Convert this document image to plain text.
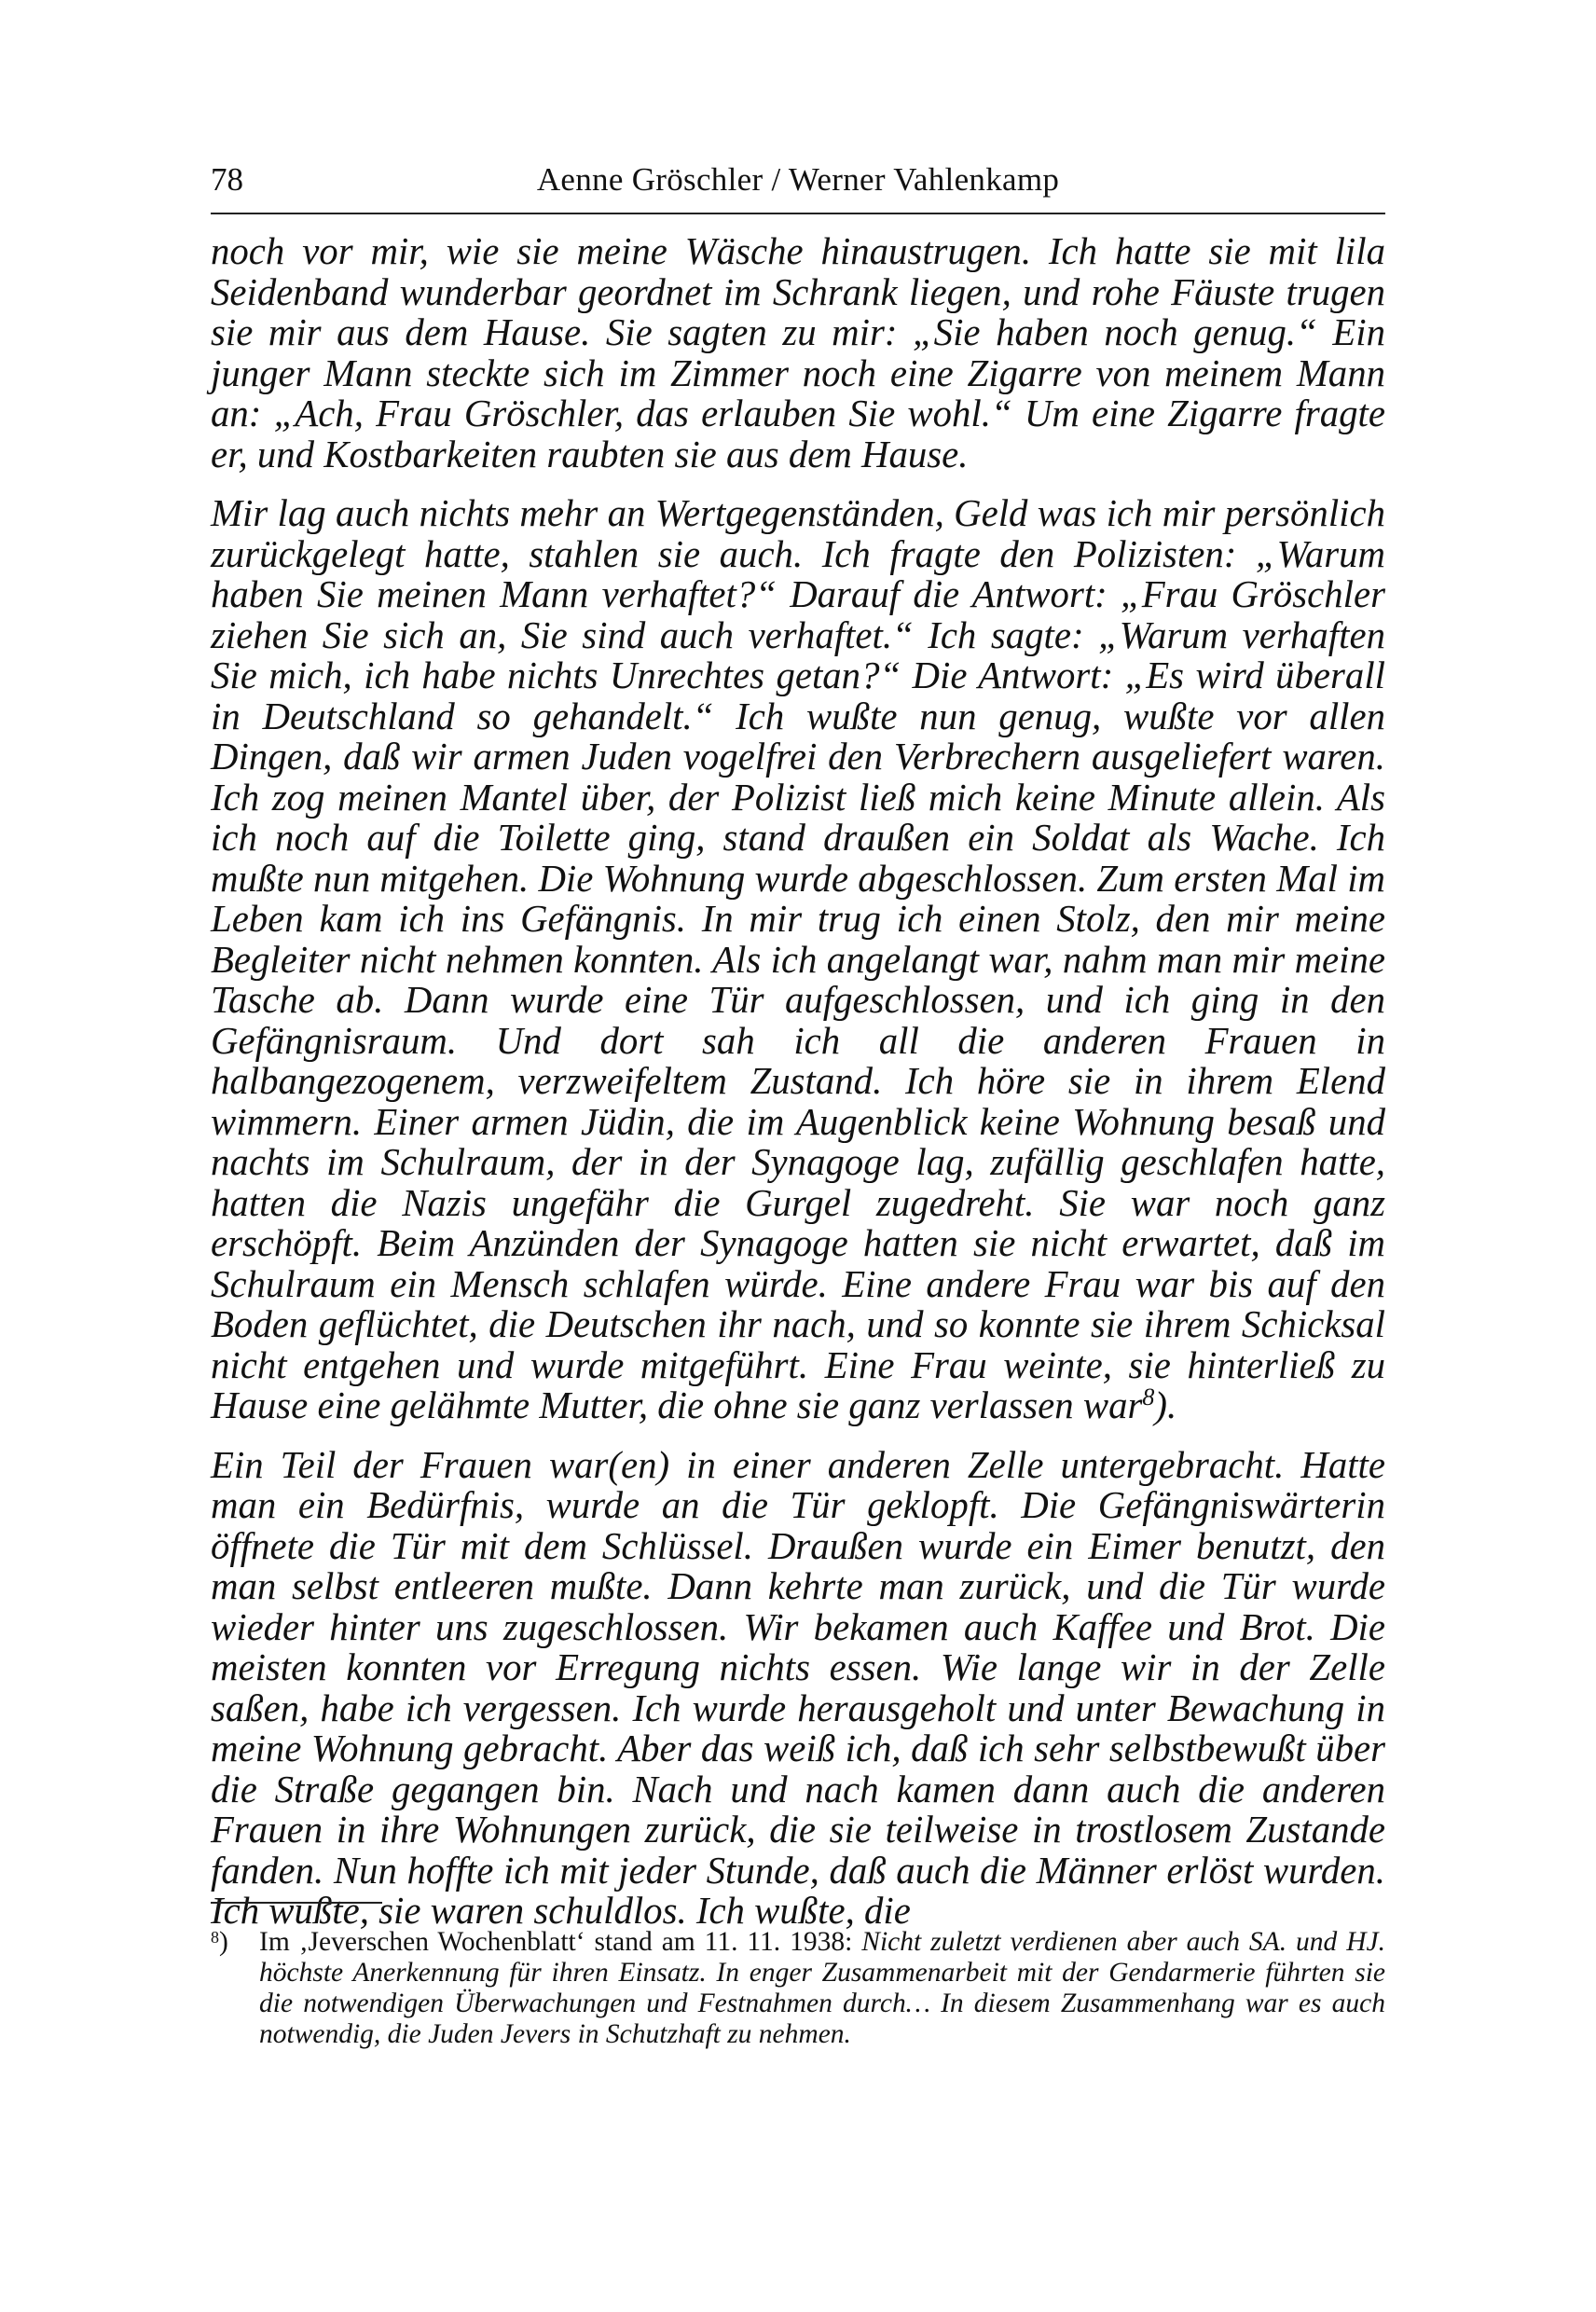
78	Aenne Gröschler / Werner Vahlenkamp

noch vor mir, wie sie meine Wäsche hinaustrugen. Ich hatte sie mit lila Seidenband wunderbar geordnet im Schrank liegen, und rohe Fäuste trugen sie mir aus dem Hause. Sie sagten zu mir: „Sie haben noch genug.“ Ein junger Mann steckte sich im Zimmer noch eine Zigarre von meinem Mann an: „Ach, Frau Gröschler, das erlauben Sie wohl.“ Um eine Zigarre fragte er, und Kostbarkeiten raubten sie aus dem Hause.

Mir lag auch nichts mehr an Wertgegenständen, Geld was ich mir persönlich zurückgelegt hatte, stahlen sie auch. Ich fragte den Polizisten: „Warum haben Sie meinen Mann verhaftet?“ Darauf die Antwort: „Frau Gröschler ziehen Sie sich an, Sie sind auch verhaftet.“ Ich sagte: „Warum verhaften Sie mich, ich habe nichts Unrechtes getan?“ Die Antwort: „Es wird überall in Deutschland so gehandelt.“ Ich wußte nun genug, wußte vor allen Dingen, daß wir armen Juden vogelfrei den Verbrechern ausgeliefert waren. Ich zog meinen Mantel über, der Polizist ließ mich keine Minute allein. Als ich noch auf die Toilette ging, stand draußen ein Soldat als Wache. Ich mußte nun mitgehen. Die Wohnung wurde abgeschlossen. Zum ersten Mal im Leben kam ich ins Gefängnis. In mir trug ich einen Stolz, den mir meine Begleiter nicht nehmen konnten. Als ich angelangt war, nahm man mir meine Tasche ab. Dann wurde eine Tür aufgeschlossen, und ich ging in den Gefängnisraum. Und dort sah ich all die anderen Frauen in halbangezogenem, verzweifeltem Zustand. Ich höre sie in ihrem Elend wimmern. Einer armen Jüdin, die im Augenblick keine Wohnung besaß und nachts im Schulraum, der in der Synagoge lag, zufällig geschlafen hatte, hatten die Nazis ungefähr die Gurgel zugedreht. Sie war noch ganz erschöpft. Beim Anzünden der Synagoge hatten sie nicht erwartet, daß im Schulraum ein Mensch schlafen würde. Eine andere Frau war bis auf den Boden geflüchtet, die Deutschen ihr nach, und so konnte sie ihrem Schicksal nicht entgehen und wurde mitgeführt. Eine Frau weinte, sie hinterließ zu Hause eine gelähmte Mutter, die ohne sie ganz verlassen war$^8$).

Ein Teil der Frauen war(en) in einer anderen Zelle untergebracht. Hatte man ein Bedürfnis, wurde an die Tür geklopft. Die Gefängniswärterin öffnete die Tür mit dem Schlüssel. Draußen wurde ein Eimer benutzt, den man selbst entleeren mußte. Dann kehrte man zurück, und die Tür wurde wieder hinter uns zugeschlossen. Wir bekamen auch Kaffee und Brot. Die meisten konnten vor Erregung nichts essen. Wie lange wir in der Zelle saßen, habe ich vergessen. Ich wurde herausgeholt und unter Bewachung in meine Wohnung gebracht. Aber das weiß ich, daß ich sehr selbstbewußt über die Straße gegangen bin. Nach und nach kamen dann auch die anderen Frauen in ihre Wohnungen zurück, die sie teilweise in trostlosem Zustande fanden. Nun hoffte ich mit jeder Stunde, daß auch die Männer erlöst wurden. Ich wußte, sie waren schuldlos. Ich wußte, die

$^8$) Im ‚Jeverschen Wochenblatt‘ stand am 11. 11. 1938: Nicht zuletzt verdienen aber auch SA. und HJ. höchste Anerkennung für ihren Einsatz. In enger Zusammenarbeit mit der Gendarmerie führten sie die notwendigen Überwachungen und Festnahmen durch… In diesem Zusammenhang war es auch notwendig, die Juden Jevers in Schutzhaft zu nehmen.
